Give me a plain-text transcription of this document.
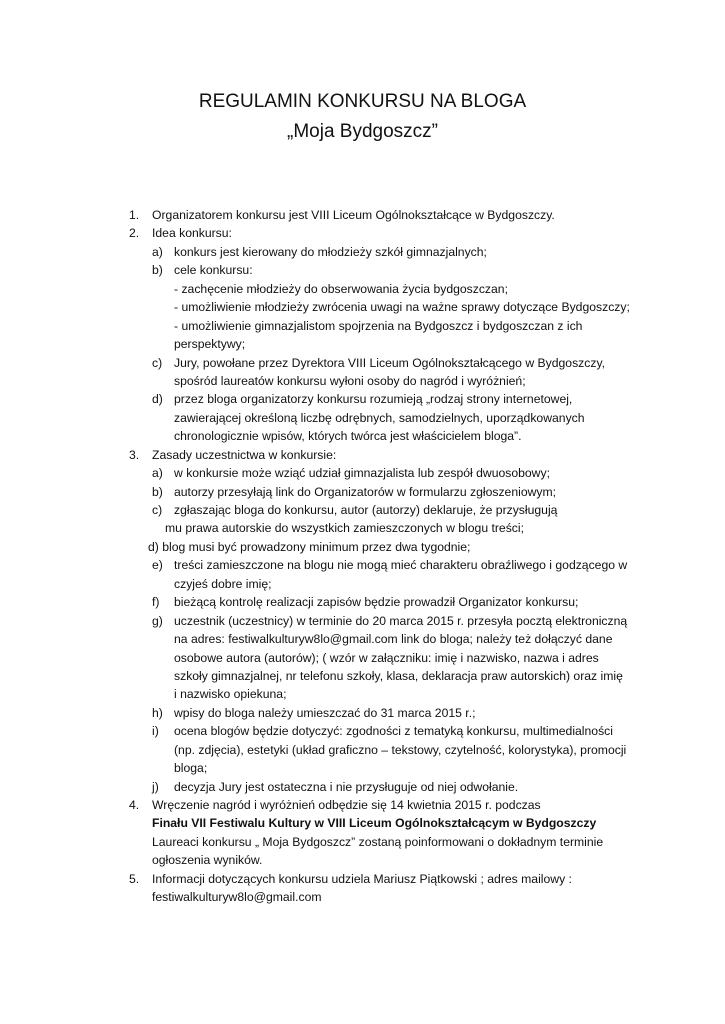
REGULAMIN KONKURSU NA BLOGA
„Moja Bydgoszcz”
1. Organizatorem konkursu jest VIII Liceum Ogólnokształcące w Bydgoszczy.
2. Idea konkursu:
a) konkurs jest kierowany do młodzieży szkół gimnazjalnych;
b) cele konkursu:
- zachęcenie młodzieży do obserwowania życia bydgoszczan;
- umożliwienie młodzieży zwrócenia uwagi na ważne sprawy dotyczące Bydgoszczy;
- umożliwienie gimnazjalistom spojrzenia na Bydgoszcz i bydgoszczan z ich
perspektywy;
c) Jury, powołane przez Dyrektora VIII Liceum Ogólnokształcącego w Bydgoszczy,
spośród laureatów konkursu wyłoni osoby do nagród i wyróżnień;
d) przez bloga organizatorzy konkursu rozumieją „rodzaj strony internetowej,
zawierającej określoną liczbę odrębnych, samodzielnych, uporządkowanych
chronologicznie wpisów, których twórca jest właścicielem bloga”.
3. Zasady uczestnictwa w konkursie:
a) w konkursie może wziąć udział gimnazjalista lub zespół dwuosobowy;
b) autorzy przesyłają link do Organizatorów w formularzu zgłoszeniowym;
c) zgłaszając bloga do konkursu, autor (autorzy) deklaruje, że przysługują
mu prawa autorskie do wszystkich zamieszczonych w blogu treści;
d) blog musi być prowadzony minimum przez dwa tygodnie;
e) treści zamieszczone na blogu nie mogą mieć charakteru obraźliwego i godzącego w
czyjeś dobre imię;
f) bieżącą kontrolę realizacji zapisów będzie prowadził Organizator konkursu;
g) uczestnik (uczestnicy) w terminie do 20 marca 2015 r. przesyła pocztą elektroniczną
na adres: festiwalkulturyw8lo@gmail.com link do bloga; należy też dołączyć dane
osobowe autora (autorów); ( wzór w załączniku: imię i nazwisko, nazwa i adres
szkoły gimnazjalnej, nr telefonu szkoły, klasa, deklaracja praw autorskich) oraz imię
i nazwisko opiekuna;
h) wpisy do bloga należy umieszczać do 31 marca 2015 r.;
i) ocena blogów będzie dotyczyć: zgodności z tematyką konkursu, multimedialności
(np. zdjęcia), estetyki (układ graficzno – tekstowy, czytelność, kolorystyka), promocji
bloga;
j) decyzja Jury jest ostateczna i nie przysługuje od niej odwołanie.
4. Wręczenie nagród i wyróżnień odbędzie się 14 kwietnia 2015 r. podczas
Finału VII Festiwalu Kultury w VIII Liceum Ogólnokształcącym w Bydgoszczy
Laureaci konkursu „ Moja Bydgoszcz” zostaną poinformowani o dokładnym terminie
ogłoszenia wyników.
5. Informacji dotyczących konkursu udziela Mariusz Piątkowski ; adres mailowy :
festiwalkulturyw8lo@gmail.com
